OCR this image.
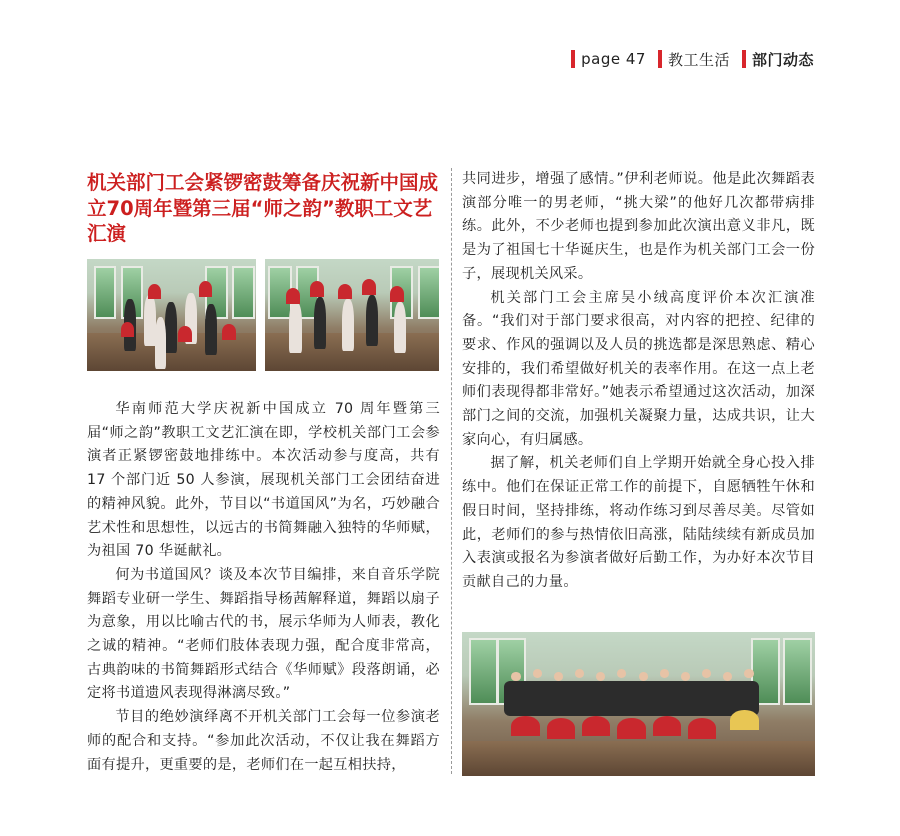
page 47 教工生活 部门动态
机关部门工会紧锣密鼓筹备庆祝新中国成立70周年暨第三届“师之韵”教职工文艺汇演

华南师范大学庆祝新中国成立 70 周年暨第三届“师之韵”教职工文艺汇演在即，学校机关部门工会参演者正紧锣密鼓地排练中。本次活动参与度高，共有 17 个部门近 50 人参演，展现机关部门工会团结奋进的精神风貌。此外，节目以“书道国风”为名，巧妙融合艺术性和思想性，以远古的书简舞融入独特的华师赋，为祖国 70 华诞献礼。

何为书道国风？谈及本次节目编排，来自音乐学院舞蹈专业研一学生、舞蹈指导杨茜解释道，舞蹈以扇子为意象，用以比喻古代的书，展示华师为人师表，教化之诚的精神。“老师们肢体表现力强，配合度非常高，古典韵味的书简舞蹈形式结合《华师赋》段落朗诵，必定将书道遗风表现得淋漓尽致。”

节目的绝妙演绎离不开机关部门工会每一位参演老师的配合和支持。“参加此次活动，不仅让我在舞蹈方面有提升，更重要的是，老师们在一起互相扶持，

共同进步，增强了感情。”伊利老师说。他是此次舞蹈表演部分唯一的男老师，“挑大梁”的他好几次都带病排练。此外，不少老师也提到参加此次演出意义非凡，既是为了祖国七十华诞庆生，也是作为机关部门工会一份子，展现机关风采。

机关部门工会主席吴小绒高度评价本次汇演准备。“我们对于部门要求很高，对内容的把控、纪律的要求、作风的强调以及人员的挑选都是深思熟虑、精心安排的，我们希望做好机关的表率作用。在这一点上老师们表现得都非常好。”她表示希望通过这次活动，加深部门之间的交流，加强机关凝聚力量，达成共识，让大家向心，有归属感。

据了解，机关老师们自上学期开始就全身心投入排练中。他们在保证正常工作的前提下，自愿牺牲午休和假日时间，坚持排练，将动作练习到尽善尽美。尽管如此，老师们的参与热情依旧高涨，陆陆续续有新成员加入表演或报名为参演者做好后勤工作，为办好本次节目贡献自己的力量。
